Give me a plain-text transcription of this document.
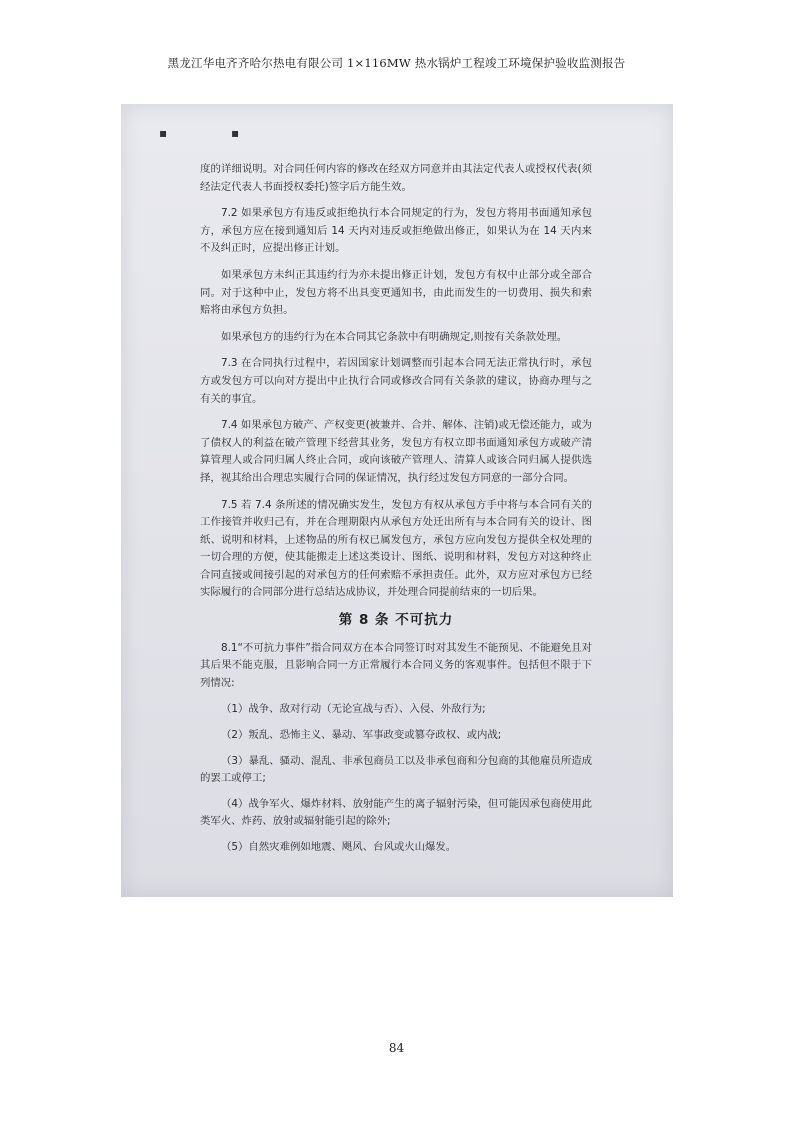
黑龙江华电齐齐哈尔热电有限公司 1×116MW 热水锅炉工程竣工环境保护验收监测报告
▪ ▪

度的详细说明。对合同任何内容的修改在经双方同意并由其法定代表人或授权代表(须经法定代表人书面授权委托)签字后方能生效。

7.2 如果承包方有违反或拒绝执行本合同规定的行为，发包方将用书面通知承包方，承包方应在接到通知后 14 天内对违反或拒绝做出修正，如果认为在 14 天内来不及纠正时，应提出修正计划。

如果承包方未纠正其违约行为亦未提出修正计划，发包方有权中止部分或全部合同。对于这种中止，发包方将不出具变更通知书，由此而发生的一切费用、损失和索赔将由承包方负担。

如果承包方的违约行为在本合同其它条款中有明确规定,则按有关条款处理。

7.3 在合同执行过程中，若因国家计划调整而引起本合同无法正常执行时，承包方或发包方可以向对方提出中止执行合同或修改合同有关条款的建议，协商办理与之有关的事宜。

7.4 如果承包方破产、产权变更(被兼并、合并、解体、注销)或无偿还能力，或为了债权人的利益在破产管理下经营其业务，发包方有权立即书面通知承包方或破产清算管理人或合同归属人终止合同，或向该破产管理人、清算人或该合同归属人提供选择，视其给出合理忠实履行合同的保证情况，执行经过发包方同意的一部分合同。

7.5 若 7.4 条所述的情况确实发生，发包方有权从承包方手中将与本合同有关的工作接管并收归己有，并在合理期限内从承包方处迁出所有与本合同有关的设计、图纸、说明和材料，上述物品的所有权已属发包方，承包方应向发包方提供全权处理的一切合理的方便，使其能搬走上述这类设计、图纸、说明和材料，发包方对这种终止合同直接或间接引起的对承包方的任何索赔不承担责任。此外，双方应对承包方已经实际履行的合同部分进行总结达成协议，并处理合同提前结束的一切后果。

第 8 条 不可抗力

8.1“不可抗力事件”指合同双方在本合同签订时对其发生不能预见、不能避免且对其后果不能克服，且影响合同一方正常履行本合同义务的客观事件。包括但不限于下列情况:

（1）战争、敌对行动（无论宣战与否）、入侵、外敌行为;

（2）叛乱、恐怖主义、暴动、军事政变或篡夺政权、或内战;

（3）暴乱、骚动、混乱、非承包商员工以及非承包商和分包商的其他雇员所造成的罢工或停工;

（4）战争军火、爆炸材料、放射能产生的离子辐射污染，但可能因承包商使用此类军火、炸药、放射或辐射能引起的除外;

（5）自然灾难例如地震、飓风、台风或火山爆发。

84
